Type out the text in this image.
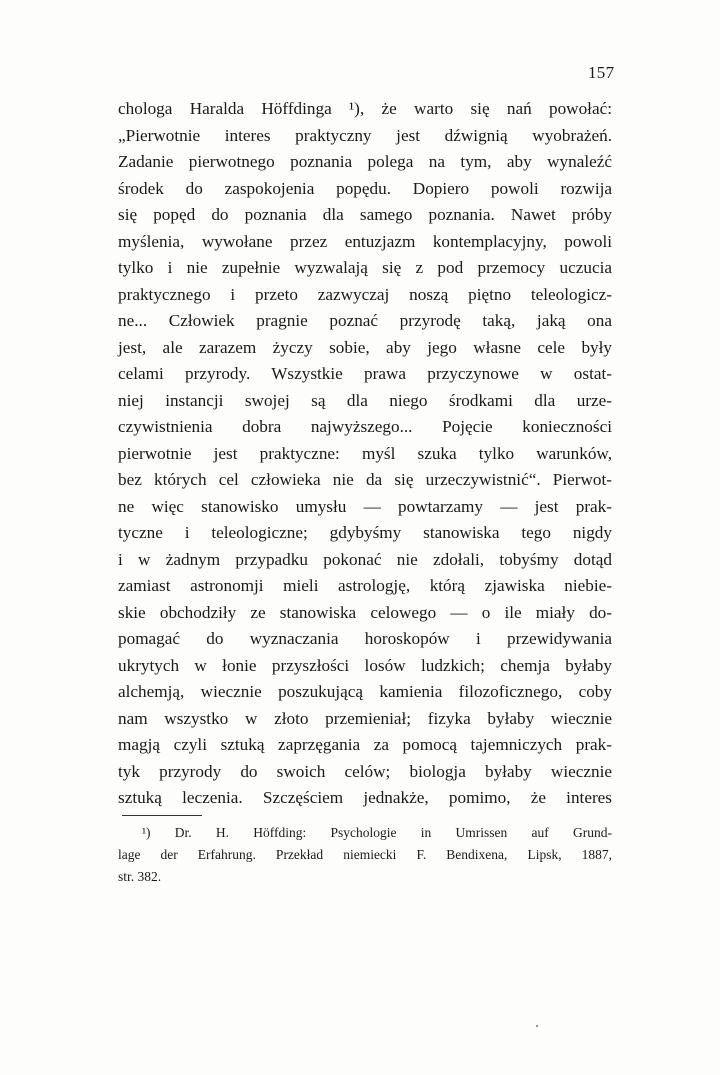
157
chologa Haralda Höffdinga ¹), że warto się nań powołać:
„Pierwotnie interes praktyczny jest dźwignią wyobrażeń.
Zadanie pierwotnego poznania polega na tym, aby wynaleźć
środek do zaspokojenia popędu. Dopiero powoli rozwija
się popęd do poznania dla samego poznania. Nawet próby
myślenia, wywołane przez entuzjazm kontemplacyjny, powoli
tylko i nie zupełnie wyzwalają się z pod przemocy uczucia
praktycznego i przeto zazwyczaj noszą piętno teleologicz-
ne... Człowiek pragnie poznać przyrodę taką, jaką ona
jest, ale zarazem życzy sobie, aby jego własne cele były
celami przyrody. Wszystkie prawa przyczynowe w ostat-
niej instancji swojej są dla niego środkami dla urze-
czywistnienia dobra najwyższego... Pojęcie konieczności
pierwotnie jest praktyczne: myśl szuka tylko warunków,
bez których cel człowieka nie da się urzeczywistnić“. Pierwot-
ne więc stanowisko umysłu — powtarzamy — jest prak-
tyczne i teleologiczne; gdybyśmy stanowiska tego nigdy
i w żadnym przypadku pokonać nie zdołali, tobyśmy dotąd
zamiast astronomji mieli astrologję, którą zjawiska niebie-
skie obchodziły ze stanowiska celowego — o ile miały do-
pomagać do wyznaczania horoskopów i przewidywania
ukrytych w łonie przyszłości losów ludzkich; chemja byłaby
alchemją, wiecznie poszukującą kamienia filozoficznego, coby
nam wszystko w złoto przemieniał; fizyka byłaby wiecznie
magją czyli sztuką zaprzęgania za pomocą tajemniczych prak-
tyk przyrody do swoich celów; biologja byłaby wiecznie
sztuką leczenia. Szczęściem jednakże, pomimo, że interes
¹) Dr. H. Höffding: Psychologie in Umrissen auf Grund-
lage der Erfahrung. Przekład niemiecki F. Bendixena, Lipsk, 1887,
str. 382.
